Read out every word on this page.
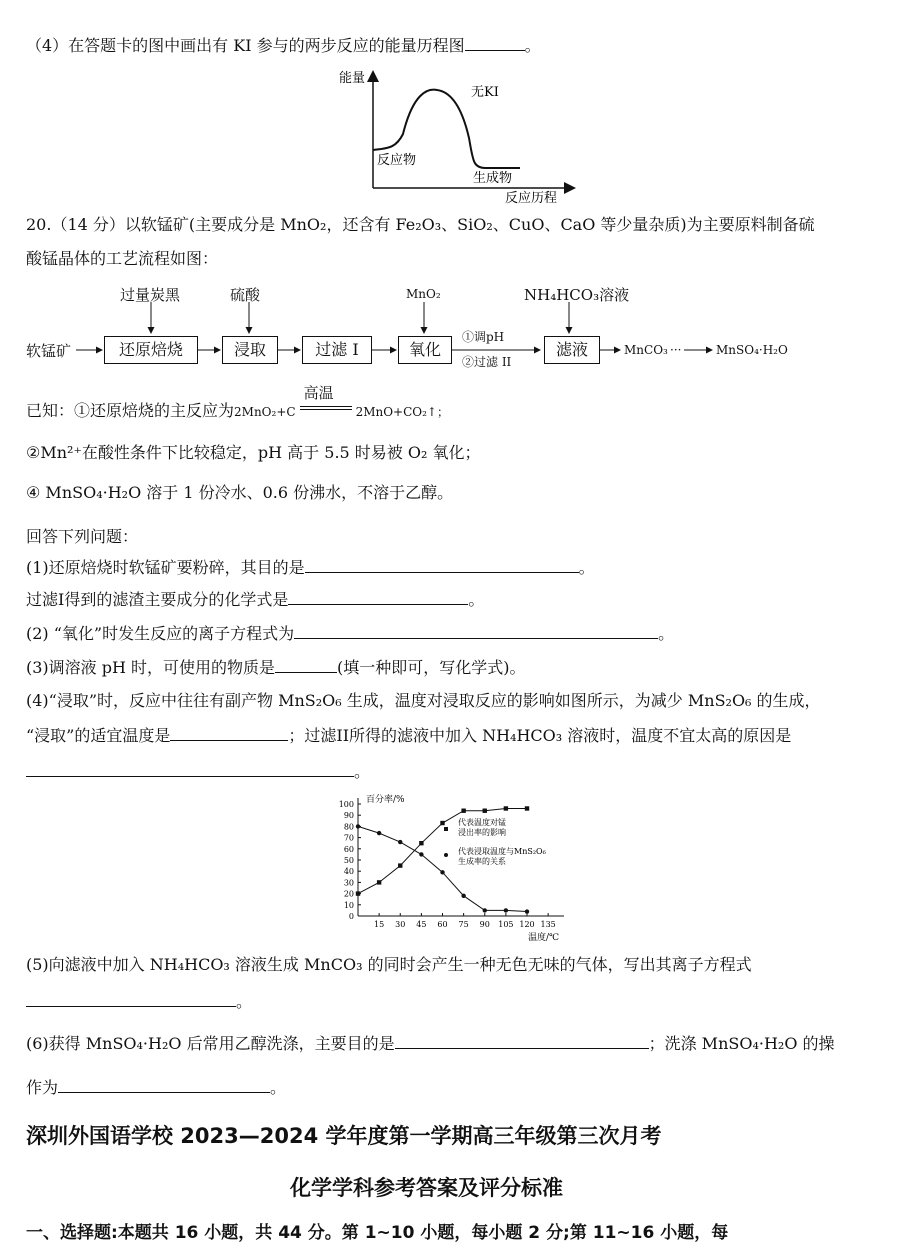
（4）在答题卡的图中画出有 KI 参与的两步反应的能量历程图	。
能量
反应历程
无KI
反应物
生成物
20.（14 分）以软锰矿(主要成分是 MnO₂，还含有 Fe₂O₃、SiO₂、CuO、CaO 等少量杂质)为主要原料制备硫
酸锰晶体的工艺流程如图：
软锰矿	还原焙烧	浸取	过滤 I	氧化	滤液
过量炭黑	硫酸	MnO₂	NH₄HCO₃溶液
①调pH
②过滤 II
MnCO₃ ···	MnSO₄·H₂O
已知：①还原焙烧的主反应为2MnO₂+C
高温
2MnO+CO₂↑；
②Mn²⁺在酸性条件下比较稳定，pH 高于 5.5 时易被 O₂ 氧化；
④ MnSO₄·H₂O 溶于 1 份冷水、0.6 份沸水，不溶于乙醇。
回答下列问题：
(1)还原焙烧时软锰矿要粉碎，其目的是	。
过滤I得到的滤渣主要成分的化学式是	。
(2) “氧化”时发生反应的离子方程式为	。
(3)调溶液 pH 时，可使用的物质是	(填一种即可，写化学式)。
(4)“浸取”时，反应中往往有副产物 MnS₂O₆ 生成，温度对浸取反应的影响如图所示，为减少 MnS₂O₆ 的生成，
“浸取”的适宜温度是	；过滤II所得的滤液中加入 NH₄HCO₃ 溶液时，温度不宜太高的原因是
。
0
10
20
30
40
50
60
70
80
90
100
15 30 45 60 75 90 105 120 135
百分率/%
温度/℃
代表温度对锰
浸出率的影响
代表浸取温度与MnS₂O₆
生成率的关系
(5)向滤液中加入 NH₄HCO₃ 溶液生成 MnCO₃ 的同时会产生一种无色无味的气体，写出其离子方程式
。
(6)获得 MnSO₄·H₂O 后常用乙醇洗涤，主要目的是	；洗涤 MnSO₄·H₂O 的操
作为	。
深圳外国语学校 2023—2024 学年度第一学期高三年级第三次月考
化学学科参考答案及评分标准
一、选择题:本题共 16 小题，共 44 分。第 1~10 小题，每小题 2 分;第 11~16 小题，每
